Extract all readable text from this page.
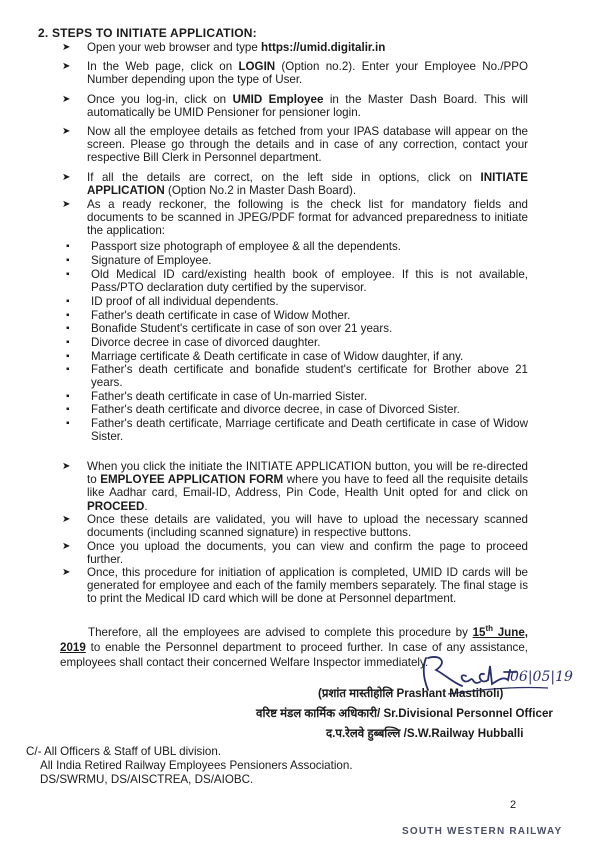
2. STEPS TO INITIATE APPLICATION:
➤	Open your web browser and type https://umid.digitalir.in
➤	In the Web page, click on LOGIN (Option no.2). Enter your Employee No./PPO Number depending upon the type of User.
➤	Once you log-in, click on UMID Employee in the Master Dash Board. This will automatically be UMID Pensioner for pensioner login.
➤	Now all the employee details as fetched from your IPAS database will appear on the screen. Please go through the details and in case of any correction, contact your respective Bill Clerk in Personnel department.
➤	If all the details are correct, on the left side in options, click on INITIATE APPLICATION (Option No.2 in Master Dash Board).
➤	As a ready reckoner, the following is the check list for mandatory fields and documents to be scanned in JPEG/PDF format for advanced preparedness to initiate the application:
▪	Passport size photograph of employee & all the dependents.
▪	Signature of Employee.
▪	Old Medical ID card/existing health book of employee. If this is not available, Pass/PTO declaration duty certified by the supervisor.
▪	ID proof of all individual dependents.
▪	Father's death certificate in case of Widow Mother.
▪	Bonafide Student's certificate in case of son over 21 years.
▪	Divorce decree in case of divorced daughter.
▪	Marriage certificate & Death certificate in case of Widow daughter, if any.
▪	Father's death certificate and bonafide student's certificate for Brother above 21 years.
▪	Father's death certificate in case of Un-married Sister.
▪	Father's death certificate and divorce decree, in case of Divorced Sister.
▪	Father's death certificate, Marriage certificate and Death certificate in case of Widow Sister.
➤	When you click the initiate the INITIATE APPLICATION button, you will be re-directed to EMPLOYEE APPLICATION FORM where you have to feed all the requisite details like Aadhar card, Email-ID, Address, Pin Code, Health Unit opted for and click on PROCEED.
➤	Once these details are validated, you will have to upload the necessary scanned documents (including scanned signature) in respective buttons.
➤	Once you upload the documents, you can view and confirm the page to proceed further.
➤	Once, this procedure for initiation of application is completed, UMID ID cards will be generated for employee and each of the family members separately. The final stage is to print the Medical ID card which will be done at Personnel department.
Therefore, all the employees are advised to complete this procedure by 15th June, 2019 to enable the Personnel department to proceed further. In case of any assistance, employees shall contact their concerned Welfare Inspector immediately.
06|05|19
(प्रशांत मास्तीहोलि Prashant Mastiholi)
वरिष्ट मंडल कार्मिक अधिकारी/ Sr.Divisional Personnel Officer
द.प.रेलवे हुब्बल्लि /S.W.Railway Hubballi
C/- All Officers & Staff of UBL division.
All India Retired Railway Employees Pensioners Association.
DS/SWRMU, DS/AISCTREA, DS/AIOBC.
2
SOUTH WESTERN RAILWAY
